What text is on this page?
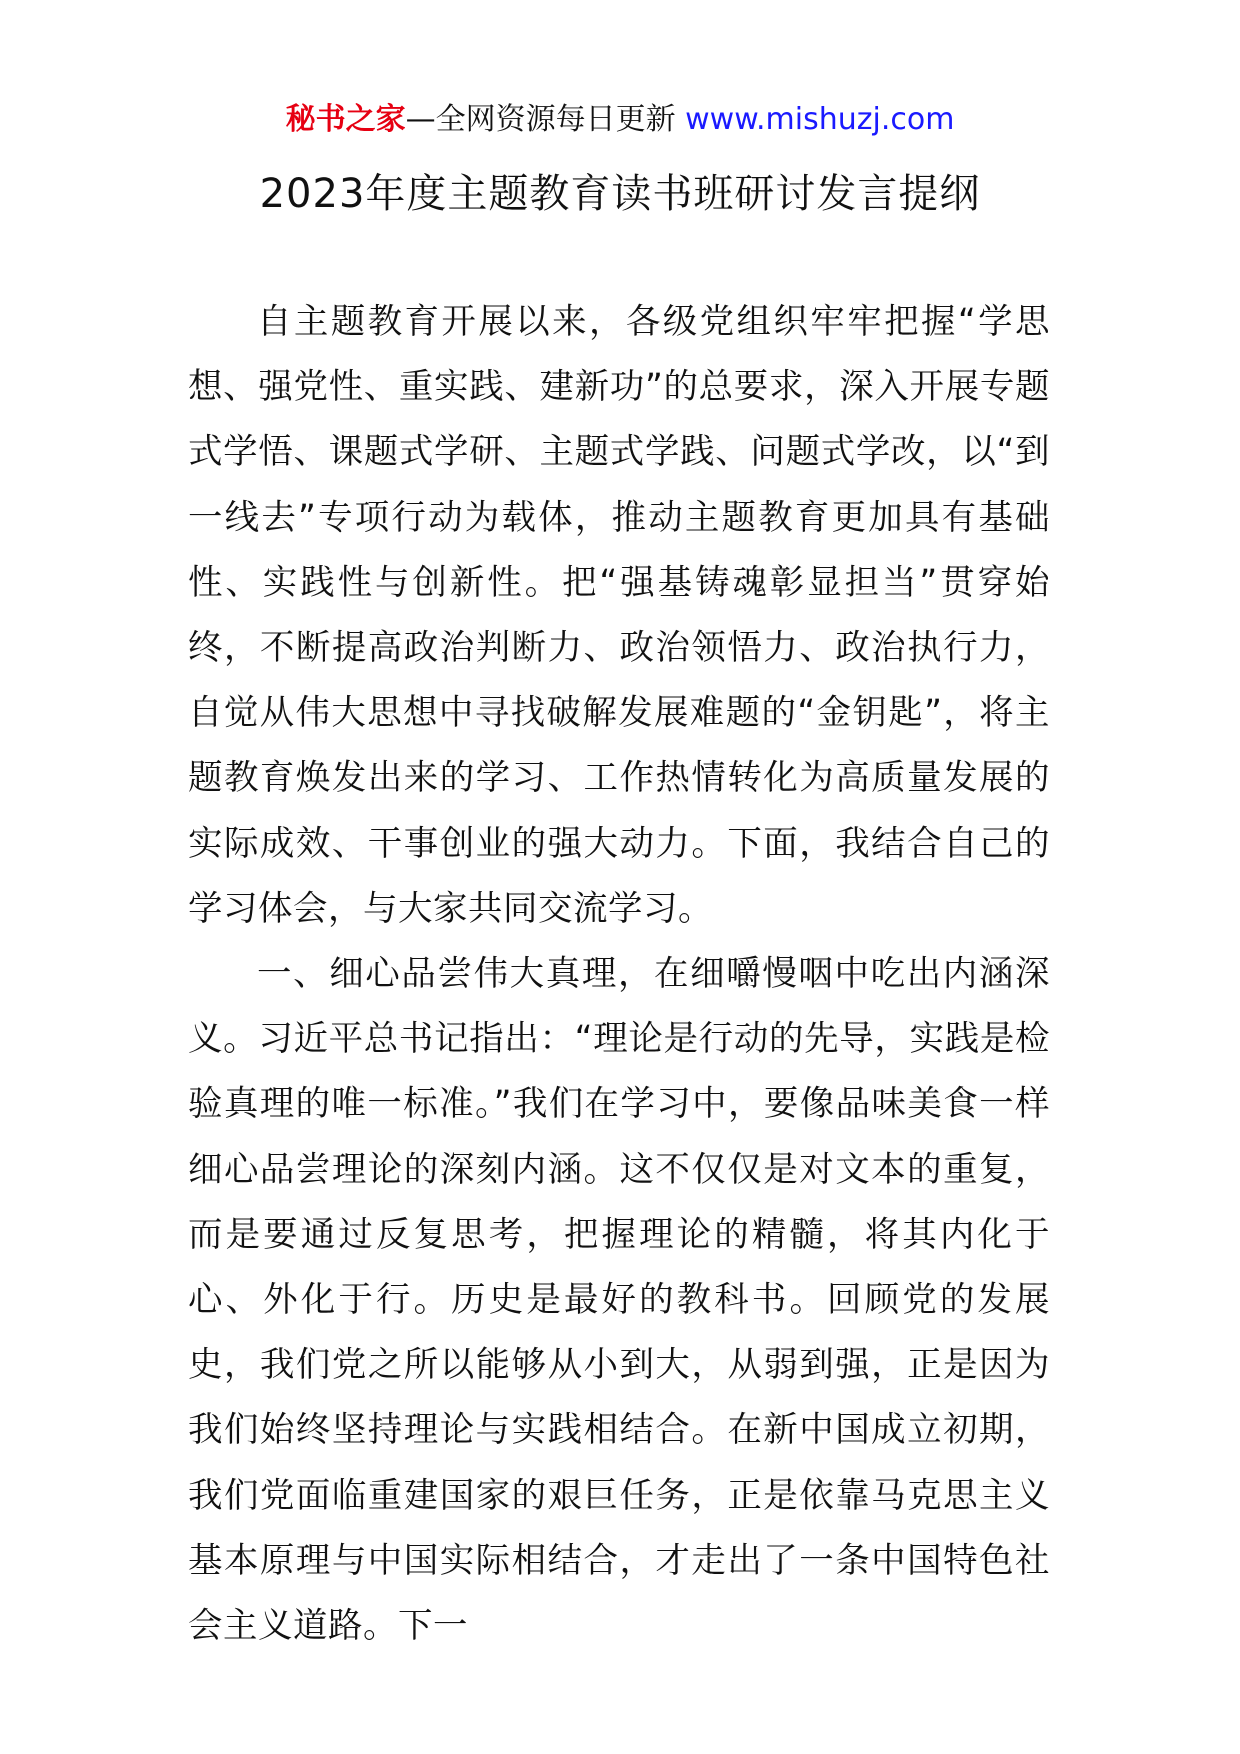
秘书之家—全网资源每日更新 www.mishuzj.com
2023年度主题教育读书班研讨发言提纲

自主题教育开展以来，各级党组织牢牢把握“学思想、强党性、重实践、建新功”的总要求，深入开展专题式学悟、课题式学研、主题式学践、问题式学改，以“到一线去”专项行动为载体，推动主题教育更加具有基础性、实践性与创新性。把“强基铸魂彰显担当”贯穿始终，不断提高政治判断力、政治领悟力、政治执行力，自觉从伟大思想中寻找破解发展难题的“金钥匙”，将主题教育焕发出来的学习、工作热情转化为高质量发展的实际成效、干事创业的强大动力。下面，我结合自己的学习体会，与大家共同交流学习。

一、细心品尝伟大真理，在细嚼慢咽中吃出内涵深义。习近平总书记指出：“理论是行动的先导，实践是检验真理的唯一标准。”我们在学习中，要像品味美食一样细心品尝理论的深刻内涵。这不仅仅是对文本的重复，而是要通过反复思考，把握理论的精髓，将其内化于心、外化于行。历史是最好的教科书。回顾党的发展史，我们党之所以能够从小到大，从弱到强，正是因为我们始终坚持理论与实践相结合。在新中国成立初期，我们党面临重建国家的艰巨任务，正是依靠马克思主义基本原理与中国实际相结合，才走出了一条中国特色社会主义道路。下一
